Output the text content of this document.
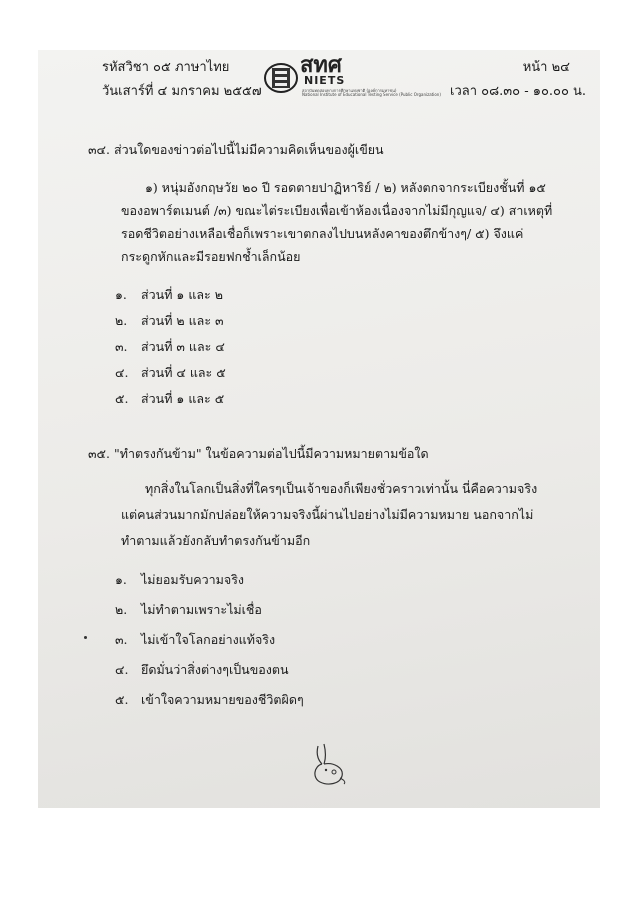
รหัสวิชา ๐๕ ภาษาไทย
วันเสาร์ที่ ๔ มกราคม ๒๕๕๗
สทศ
NIETS
สถาบันทดสอบทางการศึกษาแห่งชาติ (องค์การมหาชน)
National Institute of Educational Testing Service (Public Organization)
หน้า ๒๔
เวลา ๐๘.๓๐ - ๑๐.๐๐ น.
๓๔. ส่วนใดของข่าวต่อไปนี้ไม่มีความคิดเห็นของผู้เขียน
๑) หนุ่มอังกฤษวัย ๒๐ ปี รอดตายปาฏิหาริย์ / ๒) หลังตกจากระเบียงชั้นที่ ๑๕
ของอพาร์ตเมนต์ /๓) ขณะไต่ระเบียงเพื่อเข้าห้องเนื่องจากไม่มีกุญแจ/ ๔) สาเหตุที่
รอดชีวิตอย่างเหลือเชื่อก็เพราะเขาตกลงไปบนหลังคาของตึกข้างๆ/ ๕) จึงแค่
กระดูกหักและมีรอยฟกช้ำเล็กน้อย
๑. ส่วนที่ ๑ และ ๒
๒. ส่วนที่ ๒ และ ๓
๓. ส่วนที่ ๓ และ ๔
๔. ส่วนที่ ๔ และ ๕
๕. ส่วนที่ ๑ และ ๕
๓๕. "ทำตรงกันข้าม" ในข้อความต่อไปนี้มีความหมายตามข้อใด
ทุกสิ่งในโลกเป็นสิ่งที่ใครๆเป็นเจ้าของก็เพียงชั่วคราวเท่านั้น นี่คือความจริง
แต่คนส่วนมากมักปล่อยให้ความจริงนี้ผ่านไปอย่างไม่มีความหมาย นอกจากไม่
ทำตามแล้วยังกลับทำตรงกันข้ามอีก
๑. ไม่ยอมรับความจริง
๒. ไม่ทำตามเพราะไม่เชื่อ
๓. ไม่เข้าใจโลกอย่างแท้จริง
๔. ยึดมั่นว่าสิ่งต่างๆเป็นของตน
๕. เข้าใจความหมายของชีวิตผิดๆ
